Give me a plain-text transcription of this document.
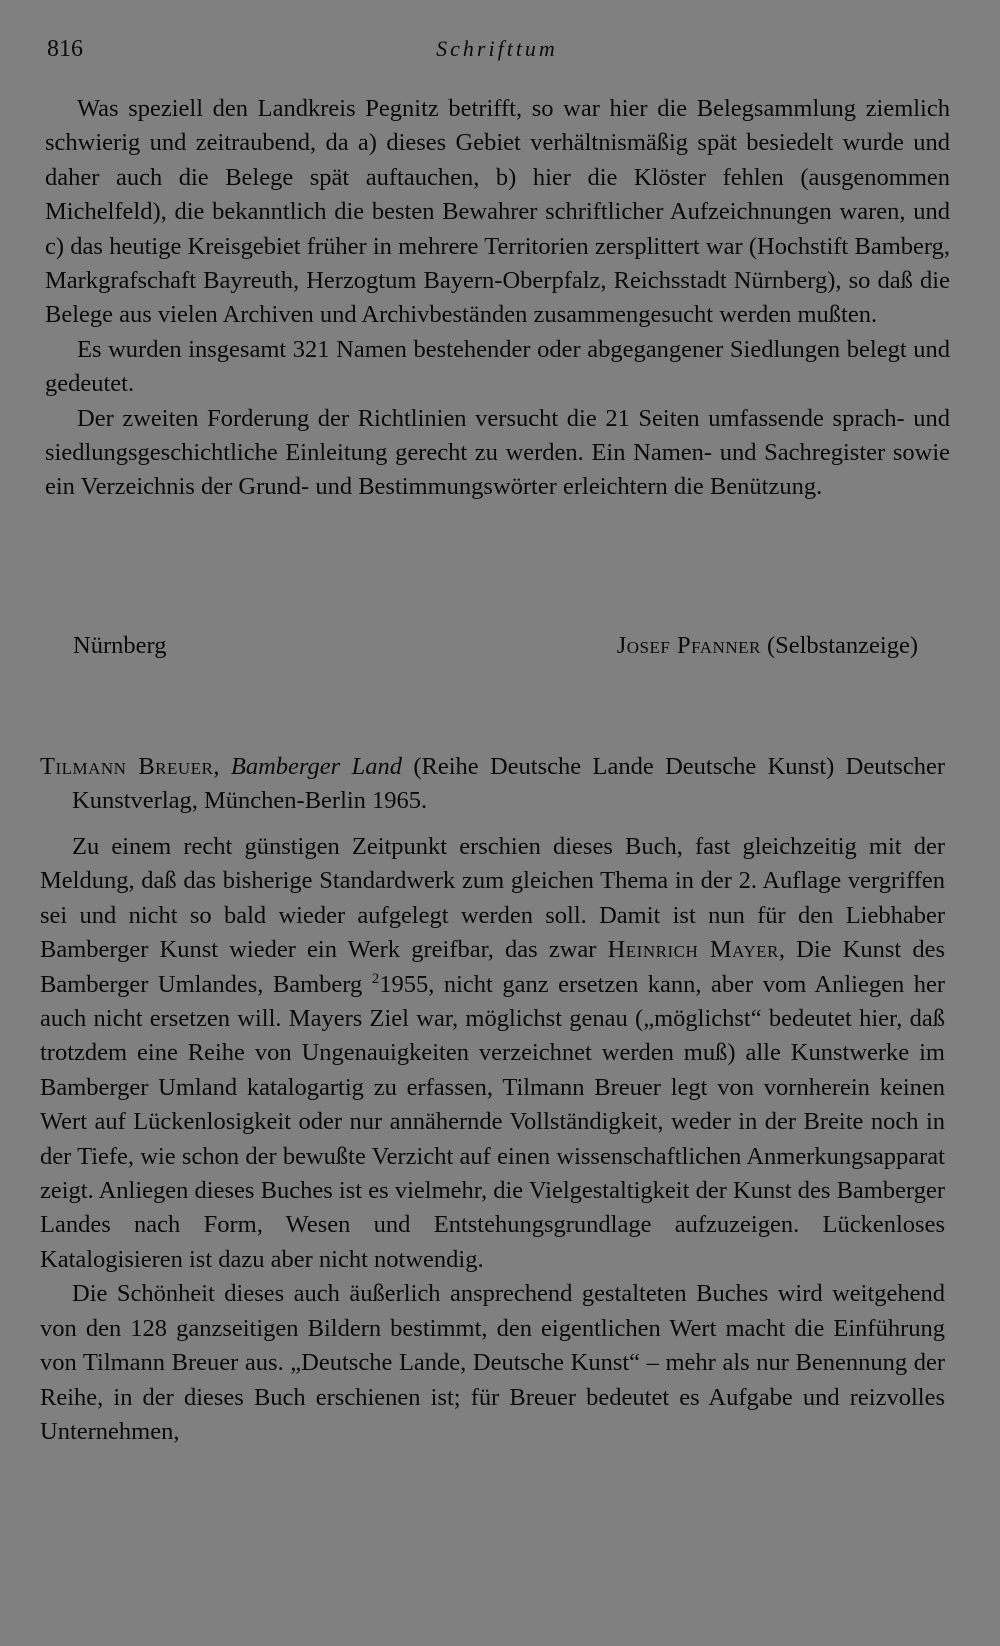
816	Schrifttum

Was speziell den Landkreis Pegnitz betrifft, so war hier die Belegsammlung ziemlich schwierig und zeitraubend, da a) dieses Gebiet verhältnismäßig spät besiedelt wurde und daher auch die Belege spät auftauchen, b) hier die Klöster fehlen (ausgenommen Michelfeld), die bekanntlich die besten Bewahrer schriftlicher Aufzeichnungen waren, und c) das heutige Kreisgebiet früher in mehrere Territorien zersplittert war (Hochstift Bamberg, Markgrafschaft Bayreuth, Herzogtum Bayern-Oberpfalz, Reichsstadt Nürnberg), so daß die Belege aus vielen Archiven und Archivbeständen zusammengesucht werden mußten.

Es wurden insgesamt 321 Namen bestehender oder abgegangener Siedlungen belegt und gedeutet.

Der zweiten Forderung der Richtlinien versucht die 21 Seiten umfassende sprach- und siedlungsgeschichtliche Einleitung gerecht zu werden. Ein Namen- und Sachregister sowie ein Verzeichnis der Grund- und Bestimmungswörter erleichtern die Benützung.

Nürnberg	Josef Pfanner (Selbstanzeige)
Tilmann Breuer, Bamberger Land (Reihe Deutsche Lande Deutsche Kunst) Deutscher Kunstverlag, München-Berlin 1965.

Zu einem recht günstigen Zeitpunkt erschien dieses Buch, fast gleichzeitig mit der Meldung, daß das bisherige Standardwerk zum gleichen Thema in der 2. Auflage vergriffen sei und nicht so bald wieder aufgelegt werden soll. Damit ist nun für den Liebhaber Bamberger Kunst wieder ein Werk greifbar, das zwar Heinrich Mayer, Die Kunst des Bamberger Umlandes, Bamberg $^2$1955, nicht ganz ersetzen kann, aber vom Anliegen her auch nicht ersetzen will. Mayers Ziel war, möglichst genau („möglichst“ bedeutet hier, daß trotzdem eine Reihe von Ungenauigkeiten verzeichnet werden muß) alle Kunstwerke im Bamberger Umland katalogartig zu erfassen, Tilmann Breuer legt von vornherein keinen Wert auf Lückenlosigkeit oder nur annähernde Vollständigkeit, weder in der Breite noch in der Tiefe, wie schon der bewußte Verzicht auf einen wissenschaftlichen Anmerkungsapparat zeigt. Anliegen dieses Buches ist es vielmehr, die Vielgestaltigkeit der Kunst des Bamberger Landes nach Form, Wesen und Entstehungsgrundlage aufzuzeigen. Lückenloses Katalogisieren ist dazu aber nicht notwendig.

Die Schönheit dieses auch äußerlich ansprechend gestalteten Buches wird weitgehend von den 128 ganzseitigen Bildern bestimmt, den eigentlichen Wert macht die Einführung von Tilmann Breuer aus. „Deutsche Lande, Deutsche Kunst“ – mehr als nur Benennung der Reihe, in der dieses Buch erschienen ist; für Breuer bedeutet es Aufgabe und reizvolles Unternehmen,
